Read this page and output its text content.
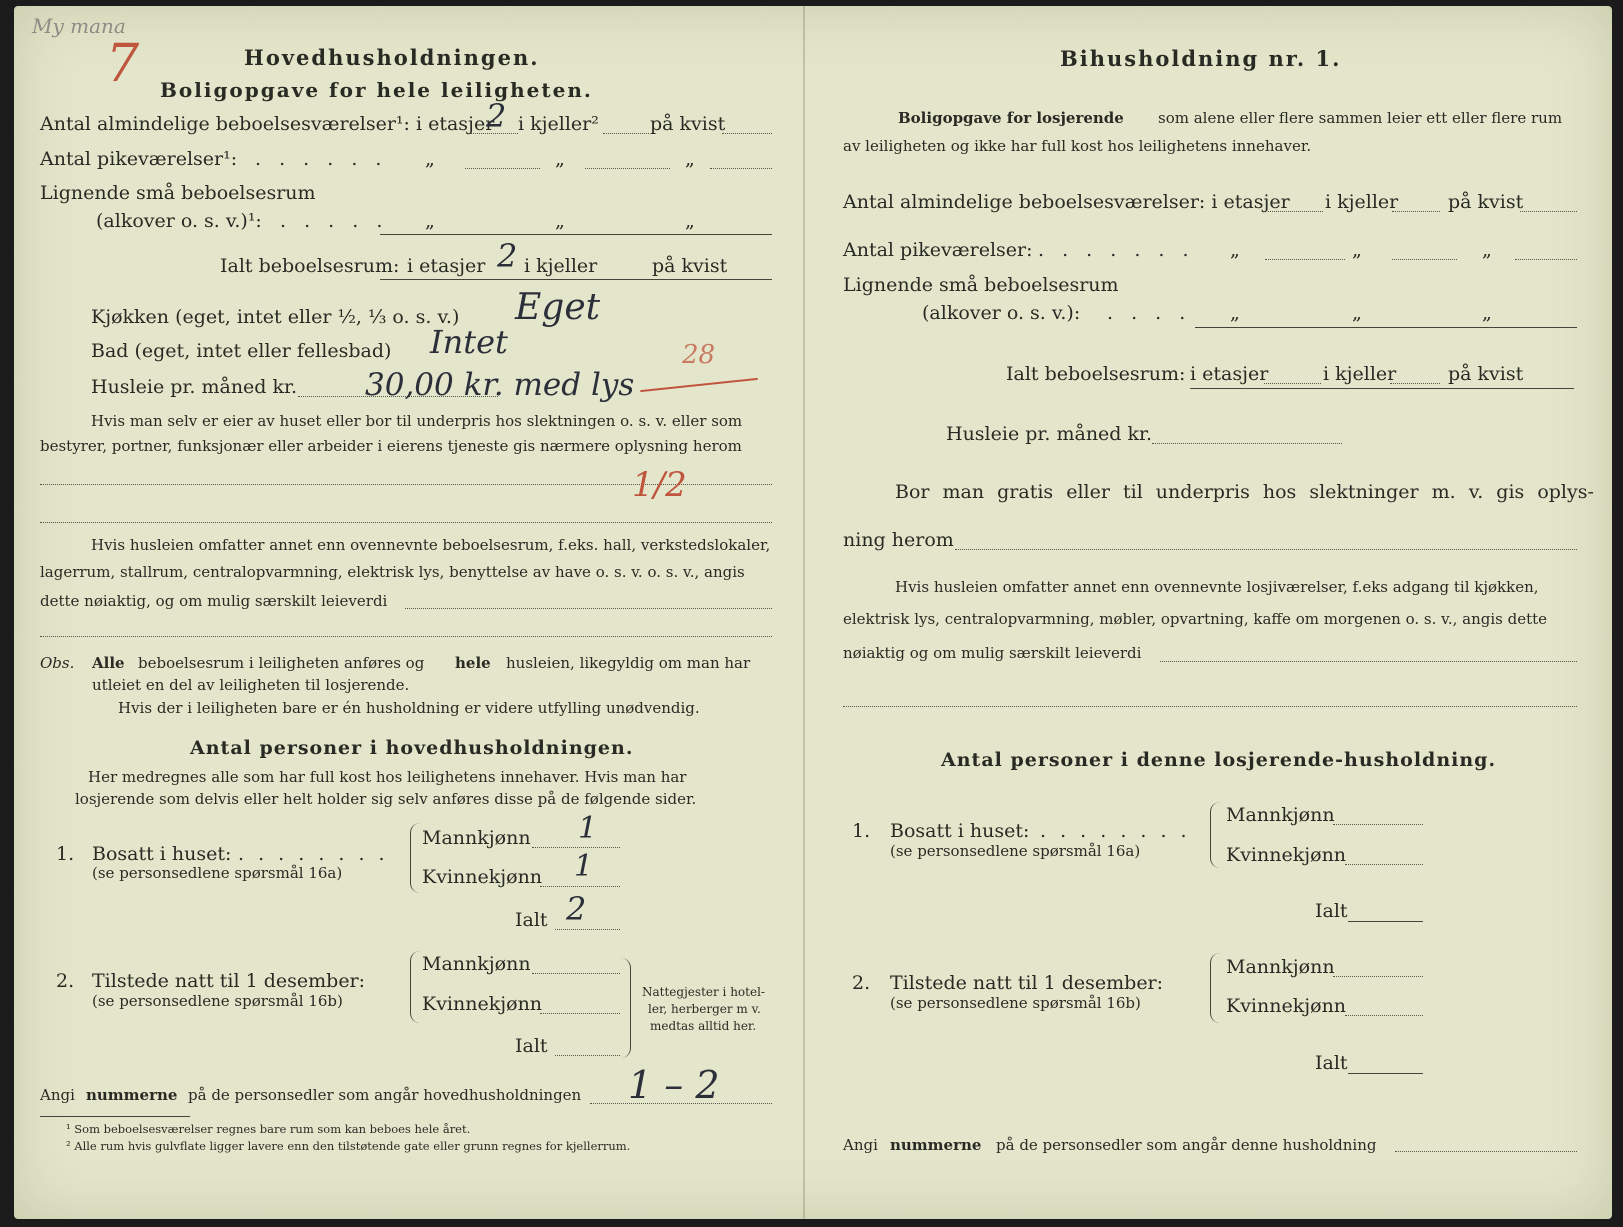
My mana
7	Hovedhusholdningen.
Boligopgave for hele leiligheten.
Antal almindelige beboelsesværelser¹: i etasjer
2 i kjeller²	på kvist
Antal pikeværelser¹: . . . . . . „	„	„
Lignende små beboelsesrum
(alkover o. s. v.)¹: . . . . . „	„	„
Ialt beboelsesrum: i etasjer 2 i kjeller	på kvist
Kjøkken (eget, intet eller ½, ⅓ o. s. v.) Eget
Bad (eget, intet eller fellesbad) Intet	28
Husleie pr. måned kr. 30,00 kr. med lys
Hvis man selv er eier av huset eller bor til underpris hos slektningen o. s. v. eller som
bestyrer, portner, funksjonær eller arbeider i eierens tjeneste gis nærmere oplysning herom
1/2
Hvis husleien omfatter annet enn ovennevnte beboelsesrum, f.eks. hall, verkstedslokaler,
lagerrum, stallrum, centralopvarmning, elektrisk lys, benyttelse av have o. s. v. o. s. v., angis
dette nøiaktig, og om mulig særskilt leieverdi
Obs. Alle beboelsesrum i leiligheten anføres og hele husleien, likegyldig om man har
utleiet en del av leiligheten til losjerende.
Hvis der i leiligheten bare er én husholdning er videre utfylling unødvendig.
Antal personer i hovedhusholdningen.
Her medregnes alle som har full kost hos leilighetens innehaver. Hvis man har
losjerende som delvis eller helt holder sig selv anføres disse på de følgende sider.
1. Bosatt i huset: . . . . . . . .
(se personsedlene spørsmål 16a)
Mannkjønn 1
Kvinnekjønn 1
Ialt 2
2. Tilstede natt til 1 desember:
(se personsedlene spørsmål 16b)
Mannkjønn
Kvinnekjønn
Ialt
Nattegjester i hotel-
ler, herberger m v.
medtas alltid her.
Angi nummerne på de personsedler som angår hovedhusholdningen 1 – 2
¹ Som beboelsesværelser regnes bare rum som kan beboes hele året.
² Alle rum hvis gulvflate ligger lavere enn den tilstøtende gate eller grunn regnes for kjellerrum.
Bihusholdning nr. 1.
Boligopgave for losjerende som alene eller flere sammen leier ett eller flere rum
av leiligheten og ikke har full kost hos leilighetens innehaver.
Antal almindelige beboelsesværelser: i etasjer i kjeller	på kvist
Antal pikeværelser: . . . . . . . „	„	„
Lignende små beboelsesrum
(alkover o. s. v.): . . . . „	„	„
Ialt beboelsesrum: i etasjer	i kjeller	på kvist
Husleie pr. måned kr.
Bor man gratis eller til underpris hos slektninger m. v. gis oplys-
ning herom
Hvis husleien omfatter annet enn ovennevnte losjiværelser, f.eks adgang til kjøkken,
elektrisk lys, centralopvarmning, møbler, opvartning, kaffe om morgenen o. s. v., angis dette
nøiaktig og om mulig særskilt leieverdi
Antal personer i denne losjerende-husholdning.
1. Bosatt i huset: . . . . . . . .
(se personsedlene spørsmål 16a)
Mannkjønn
Kvinnekjønn
Ialt
2. Tilstede natt til 1 desember:
(se personsedlene spørsmål 16b)
Mannkjønn
Kvinnekjønn
Ialt
Angi nummerne på de personsedler som angår denne husholdning
